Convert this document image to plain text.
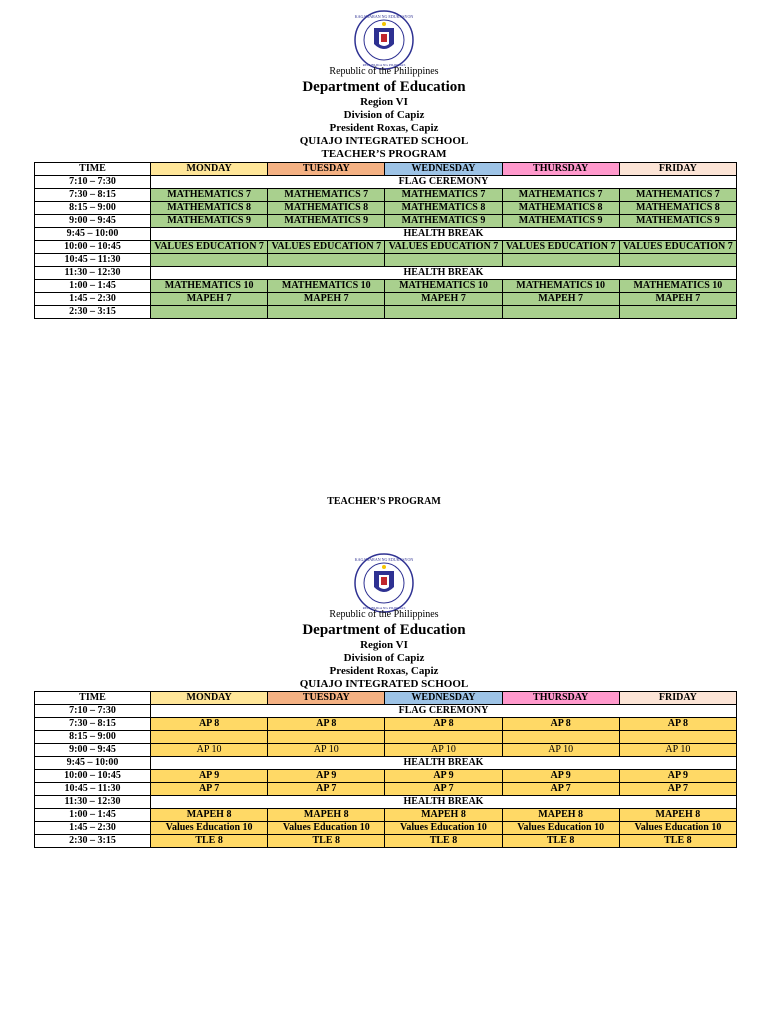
KAGAWARAN NG EDUKASYON
REPUBLIKA NG PILIPINAS
Republic of the Philippines
Department of Education
Region VI
Division of Capiz
President Roxas, Capiz
QUIAJO INTEGRATED SCHOOL
TEACHER’S PROGRAM
TIME	MONDAY	TUESDAY	WEDNESDAY	THURSDAY	FRIDAY
7:10 – 7:30	FLAG CEREMONY				
7:30 – 8:15	MATHEMATICS 7	MATHEMATICS 7	MATHEMATICS 7	MATHEMATICS 7	MATHEMATICS 7
8:15 – 9:00	MATHEMATICS 8	MATHEMATICS 8	MATHEMATICS 8	MATHEMATICS 8	MATHEMATICS 8
9:00 – 9:45	MATHEMATICS 9	MATHEMATICS 9	MATHEMATICS 9	MATHEMATICS 9	MATHEMATICS 9
9:45 – 10:00	HEALTH BREAK				
10:00 – 10:45	VALUES EDUCATION 7	VALUES EDUCATION 7	VALUES EDUCATION 7	VALUES EDUCATION 7	VALUES EDUCATION 7
10:45 – 11:30					
11:30 – 12:30	HEALTH BREAK				
1:00 – 1:45	MATHEMATICS 10	MATHEMATICS 10	MATHEMATICS 10	MATHEMATICS 10	MATHEMATICS 10
1:45 – 2:30	MAPEH 7	MAPEH 7	MAPEH 7	MAPEH 7	MAPEH 7
2:30 – 3:15					
TEACHER’S PROGRAM
KAGAWARAN NG EDUKASYON
REPUBLIKA NG PILIPINAS
Republic of the Philippines
Department of Education
Region VI
Division of Capiz
President Roxas, Capiz
QUIAJO INTEGRATED SCHOOL
TIME	MONDAY	TUESDAY	WEDNESDAY	THURSDAY	FRIDAY
7:10 – 7:30	FLAG CEREMONY				
7:30 – 8:15	AP 8	AP 8	AP 8	AP 8	AP 8
8:15 – 9:00					
9:00 – 9:45	AP 10	AP 10	AP 10	AP 10	AP 10
9:45 – 10:00	HEALTH BREAK				
10:00 – 10:45	AP 9	AP 9	AP 9	AP 9	AP 9
10:45 – 11:30	AP 7	AP 7	AP 7	AP 7	AP 7
11:30 – 12:30	HEALTH BREAK				
1:00 – 1:45	MAPEH 8	MAPEH 8	MAPEH 8	MAPEH 8	MAPEH 8
1:45 – 2:30	Values Education 10	Values Education 10	Values Education 10	Values Education 10	Values Education 10
2:30 – 3:15	TLE 8	TLE 8	TLE 8	TLE 8	TLE 8
